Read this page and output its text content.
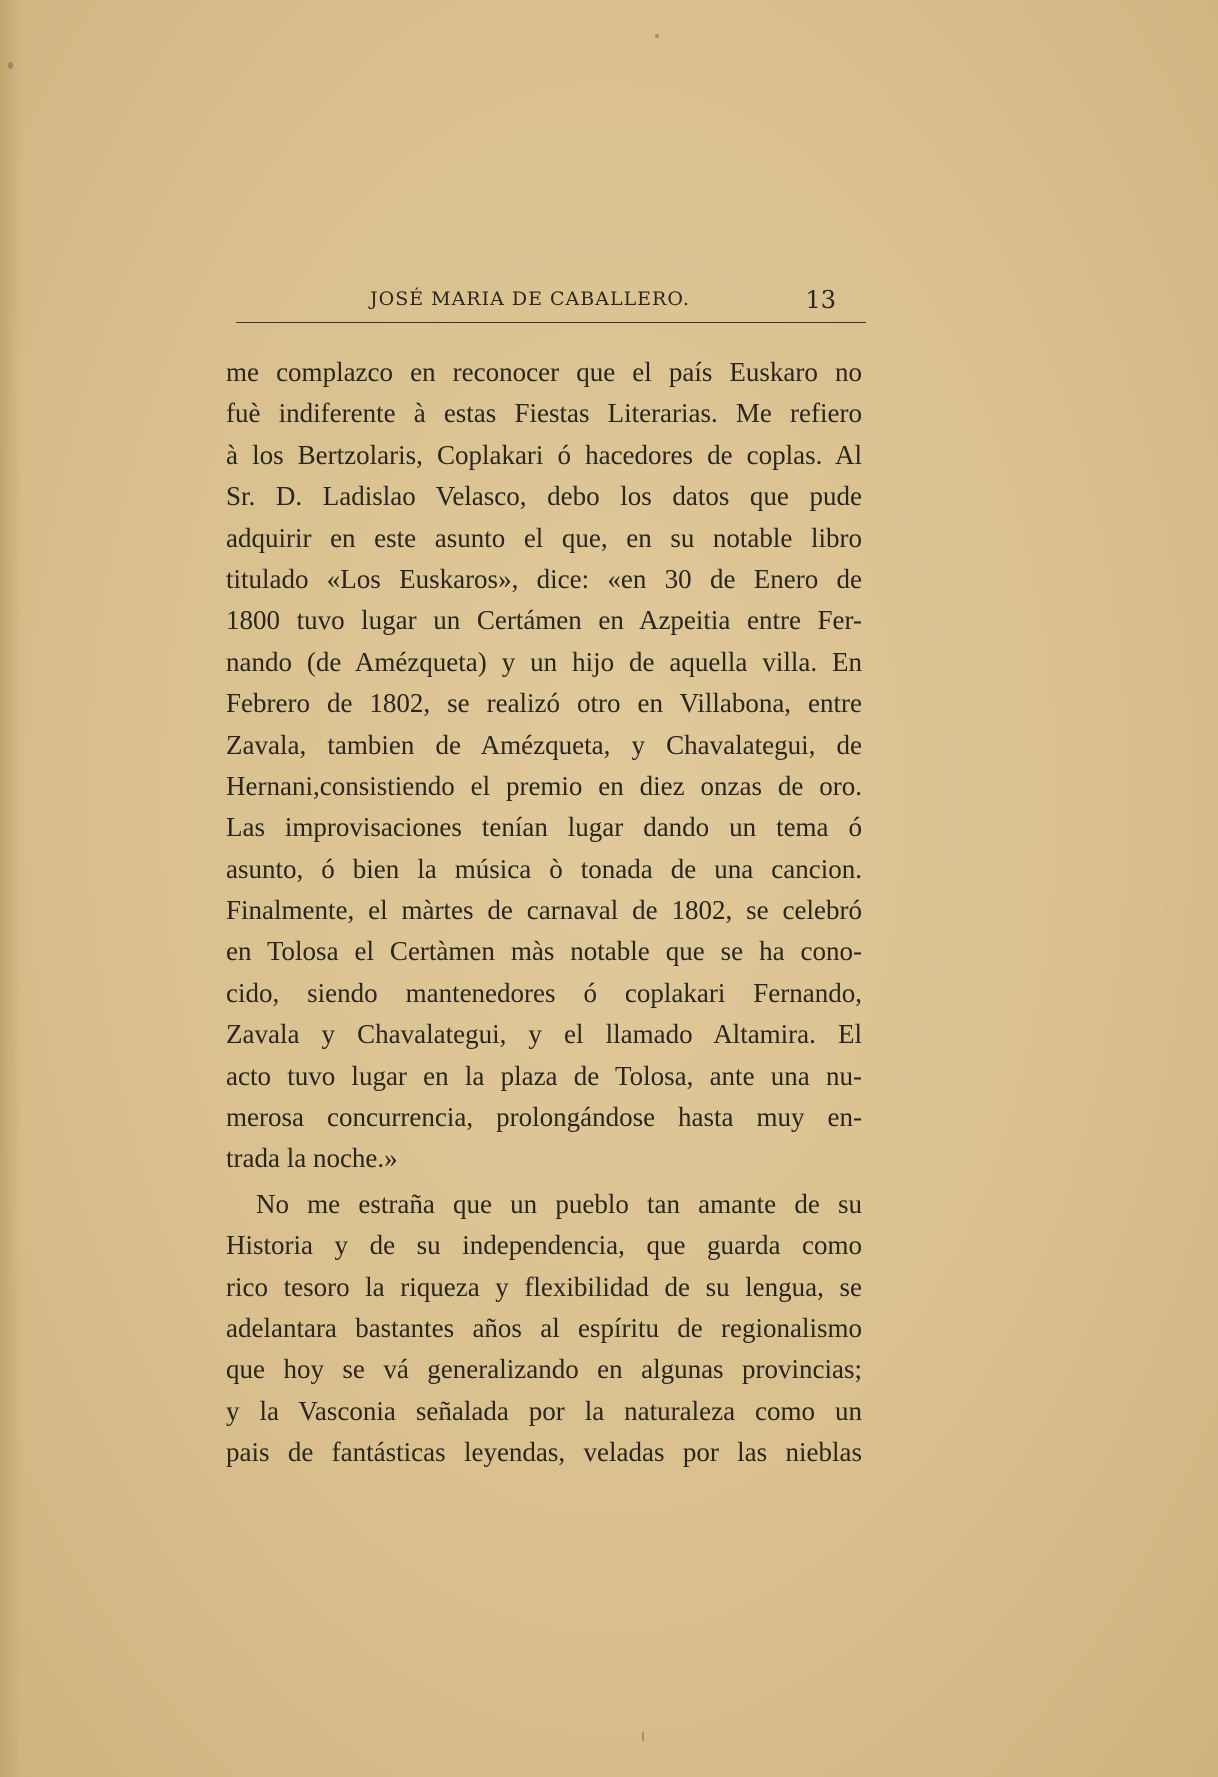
JOSÉ MARIA DE CABALLERO.	13
me complazco en reconocer que el país Euskaro no
fuè indiferente à estas Fiestas Literarias. Me refiero
à los Bertzolaris, Coplakari ó hacedores de coplas. Al
Sr. D. Ladislao Velasco, debo los datos que pude
adquirir en este asunto el que, en su notable libro
titulado «Los Euskaros», dice: «en 30 de Enero de
1800 tuvo lugar un Certámen en Azpeitia entre Fer-
nando (de Amézqueta) y un hijo de aquella villa. En
Febrero de 1802, se realizó otro en Villabona, entre
Zavala, tambien de Amézqueta, y Chavalategui, de
Hernani,consistiendo el premio en diez onzas de oro.
Las improvisaciones tenían lugar dando un tema ó
asunto, ó bien la música ò tonada de una cancion.
Finalmente, el màrtes de carnaval de 1802, se celebró
en Tolosa el Certàmen màs notable que se ha cono-
cido, siendo mantenedores ó coplakari Fernando,
Zavala y Chavalategui, y el llamado Altamira. El
acto tuvo lugar en la plaza de Tolosa, ante una nu-
merosa concurrencia, prolongándose hasta muy en-
trada la noche.»
No me estraña que un pueblo tan amante de su
Historia y de su independencia, que guarda como
rico tesoro la riqueza y flexibilidad de su lengua, se
adelantara bastantes años al espíritu de regionalismo
que hoy se vá generalizando en algunas provincias;
y la Vasconia señalada por la naturaleza como un
pais de fantásticas leyendas, veladas por las nieblas
